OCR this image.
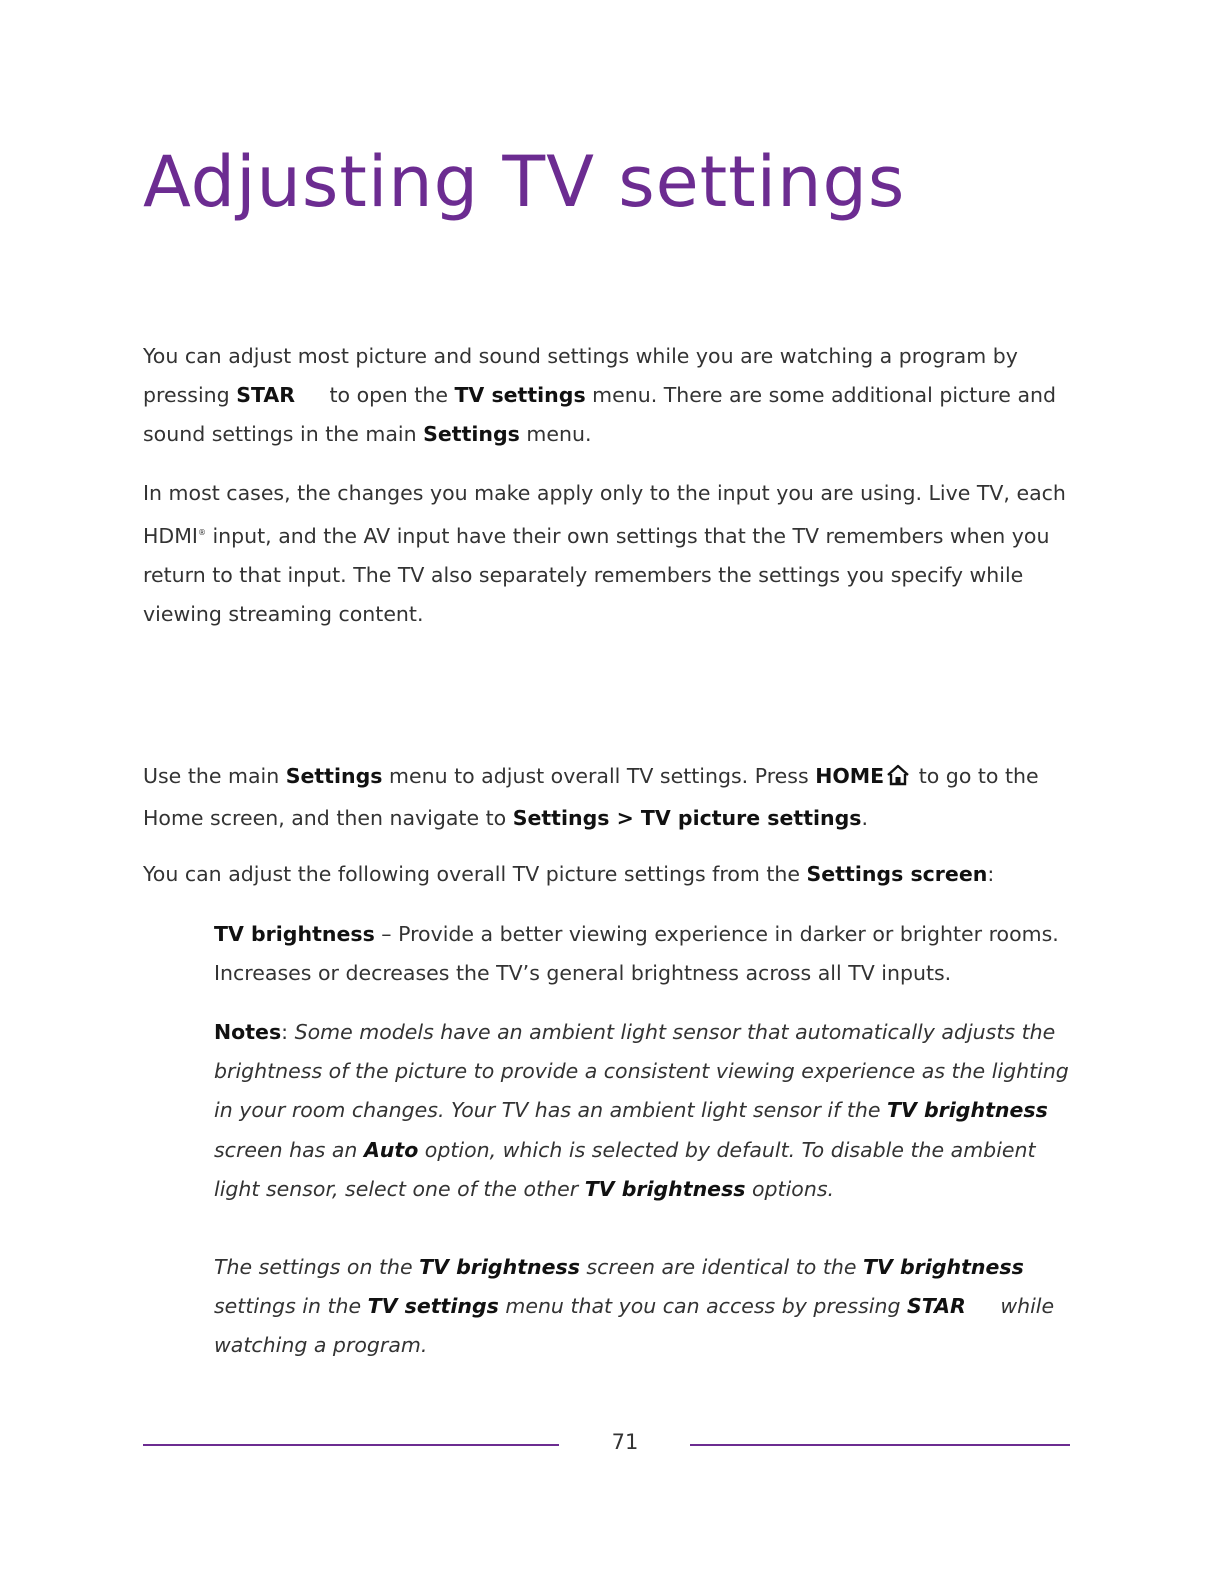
Adjusting TV settings

You can adjust most picture and sound settings while you are watching a program by pressing STAR to open the TV settings menu. There are some additional picture and sound settings in the main Settings menu.

In most cases, the changes you make apply only to the input you are using. Live TV, each HDMI® input, and the AV input have their own settings that the TV remembers when you return to that input. The TV also separately remembers the settings you specify while viewing streaming content.

Use the main Settings menu to adjust overall TV settings. Press HOME to go to the Home screen, and then navigate to Settings > TV picture settings.

You can adjust the following overall TV picture settings from the Settings screen:

TV brightness – Provide a better viewing experience in darker or brighter rooms. Increases or decreases the TV’s general brightness across all TV inputs.

Notes: Some models have an ambient light sensor that automatically adjusts the brightness of the picture to provide a consistent viewing experience as the lighting in your room changes. Your TV has an ambient light sensor if the TV brightness screen has an Auto option, which is selected by default. To disable the ambient light sensor, select one of the other TV brightness options.

The settings on the TV brightness screen are identical to the TV brightness settings in the TV settings menu that you can access by pressing STAR while watching a program.

71
